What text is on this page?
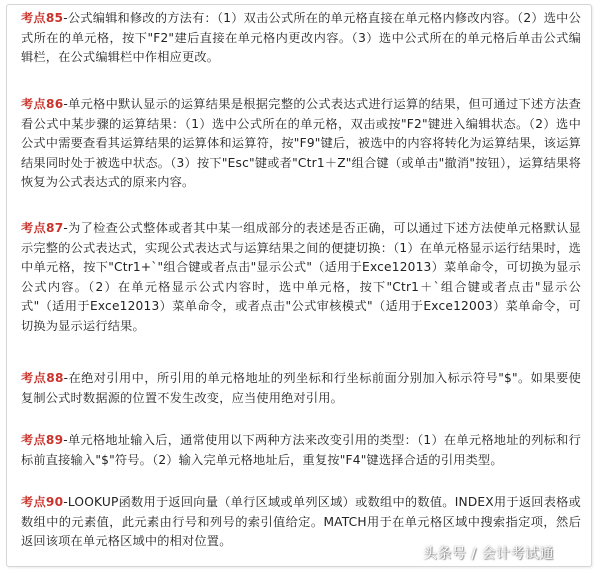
考点85-公式编辑和修改的方法有：（1）双击公式所在的单元格直接在单元格内修改内容。（2）选中公式所在的单元格，按下"F2"建后直接在单元格内更改内容。（3）选中公式所在的单元格后单击公式编辑栏，在公式编辑栏中作相应更改。
考点86-单元格中默认显示的运算结果是根据完整的公式表达式进行运算的结果，但可通过下述方法查看公式中某步骤的运算结果：（1）选中公式所在的单元格，双击或按"F2"键进入编辑状态。（2）选中公式中需要查看其运算结果的运算体和运算符，按"F9"键后，被选中的内容将转化为运算结果，该运算结果同时处于被选中状态。（3）按下"Esc"键或者"Ctr1＋Z"组合键（或单击"撤消"按钮），运算结果将恢复为公式表达式的原来内容。
考点87-为了检查公式整体或者其中某一组成部分的表述是否正确，可以通过下述方法使单元格默认显示完整的公式表达式，实现公式表达式与运算结果之间的便捷切换：（1）在单元格显示运行结果时，选中单元格，按下"Ctr1+`"组合键或者点击"显示公式"（适用于Exce12013）菜单命令，可切换为显示公式内容。（2）在单元格显示公式内容时，选中单元格，按下"Ctr1＋`组合键或者点击"显示公式"（适用于Exce12013）菜单命令，或者点击"公式审核模式"（适用于Exce12003）菜单命令，可切换为显示运行结果。
考点88-在绝对引用中，所引用的单元格地址的列坐标和行坐标前面分别加入标示符号"$"。如果要使复制公式时数据源的位置不发生改变，应当使用绝对引用。
考点89-单元格地址输入后，通常使用以下两种方法来改变引用的类型：（1）在单元格地址的列标和行标前直接输入"$"符号。（2）输入完单元格地址后，重复按"F4"键选择合适的引用类型。
考点90-LOOKUP函数用于返回向量（单行区域或单列区域）或数组中的数值。INDEX用于返回表格或数组中的元素值，此元素由行号和列号的索引值给定。MATCH用于在单元格区域中搜索指定项，然后返回该项在单元格区域中的相对位置。
头条号 / 会计考试通
